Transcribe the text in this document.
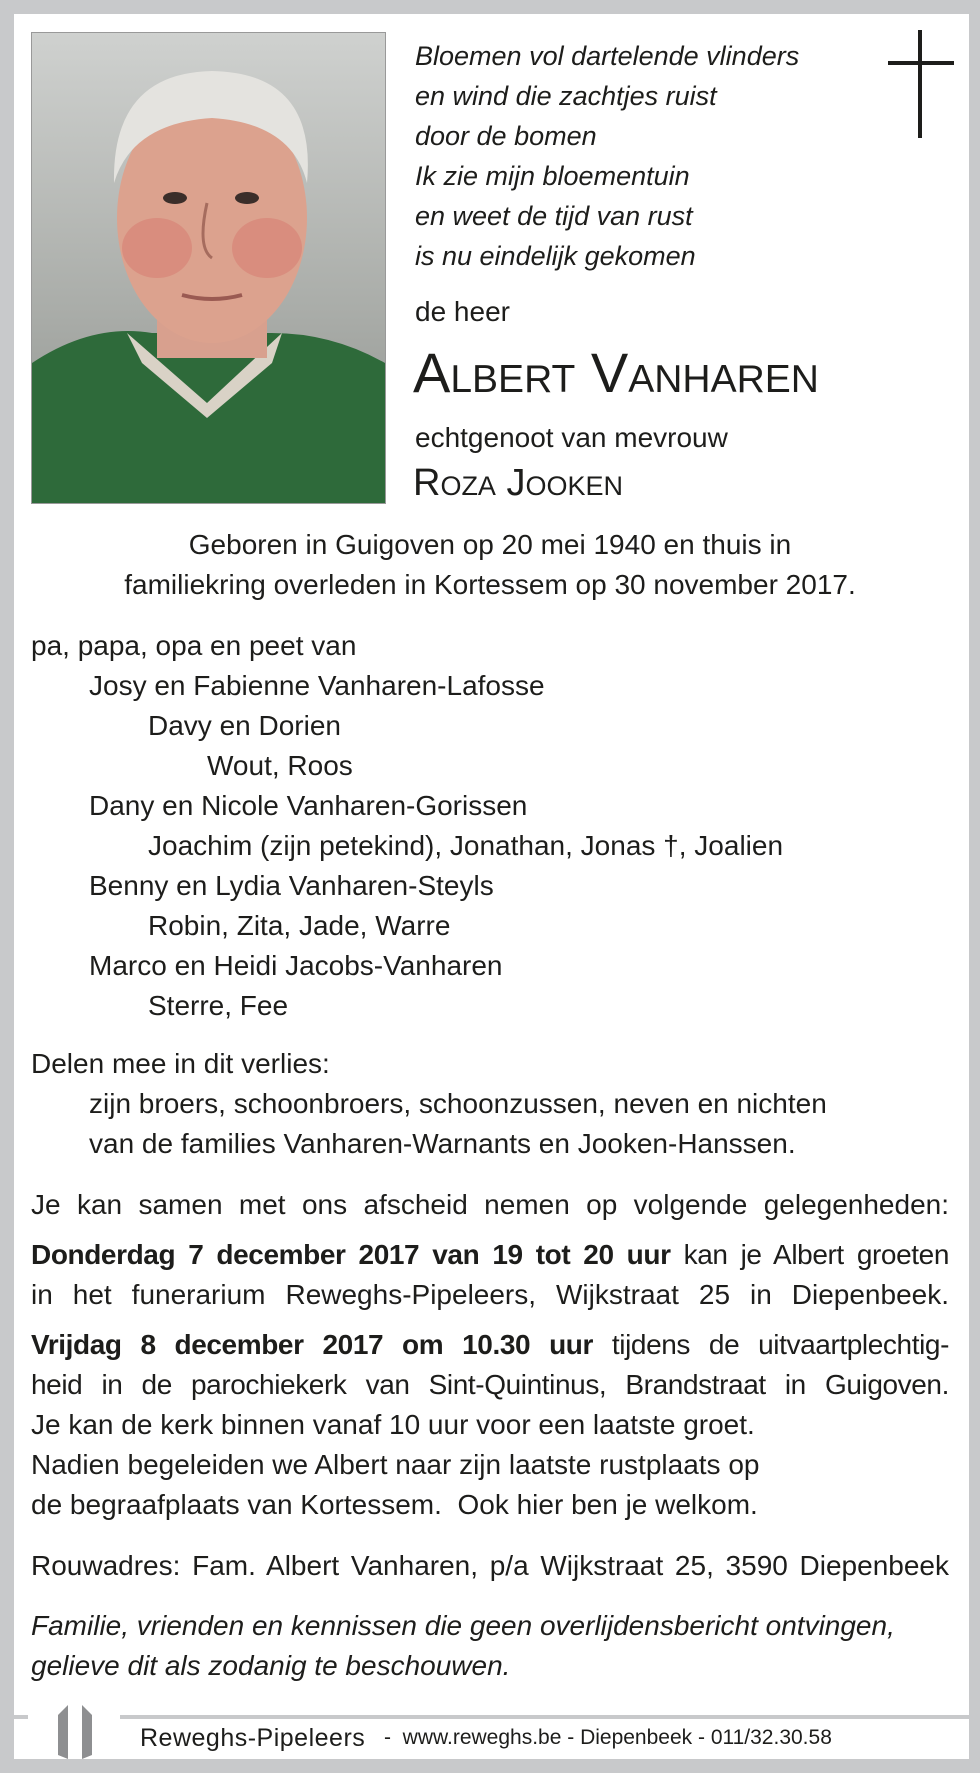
Bloemen vol dartelende vlinders
en wind die zachtjes ruist
door de bomen
Ik zie mijn bloementuin
en weet de tijd van rust
is nu eindelijk gekomen
de heer
Albert Vanharen
echtgenoot van mevrouw
Roza Jooken
Geboren in Guigoven op 20 mei 1940 en thuis in
familiekring overleden in Kortessem op 30 november 2017.
pa, papa, opa en peet van
Josy en Fabienne Vanharen-Lafosse
Davy en Dorien
Wout, Roos
Dany en Nicole Vanharen-Gorissen
Joachim (zijn petekind), Jonathan, Jonas †, Joalien
Benny en Lydia Vanharen-Steyls
Robin, Zita, Jade, Warre
Marco en Heidi Jacobs-Vanharen
Sterre, Fee
Delen mee in dit verlies:
zijn broers, schoonbroers, schoonzussen, neven en nichten
van de families Vanharen-Warnants en Jooken-Hanssen.
Je kan samen met ons afscheid nemen op volgende gelegenheden:
Donderdag 7 december 2017 van 19 tot 20 uur kan je Albert groeten
in het funerarium Reweghs-Pipeleers, Wijkstraat 25 in Diepenbeek.
Vrijdag 8 december 2017 om 10.30 uur tijdens de uitvaartplechtig-
heid in de parochiekerk van Sint-Quintinus, Brandstraat in Guigoven.
Je kan de kerk binnen vanaf 10 uur voor een laatste groet.
Nadien begeleiden we Albert naar zijn laatste rustplaats op
de begraafplaats van Kortessem.  Ook hier ben je welkom.
Rouwadres: Fam. Albert Vanharen, p/a Wijkstraat 25, 3590 Diepenbeek
Familie, vrienden en kennissen die geen overlijdensbericht ontvingen,
gelieve dit als zodanig te beschouwen.
Reweghs-Pipeleers -  www.reweghs.be - Diepenbeek - 011/32.30.58
